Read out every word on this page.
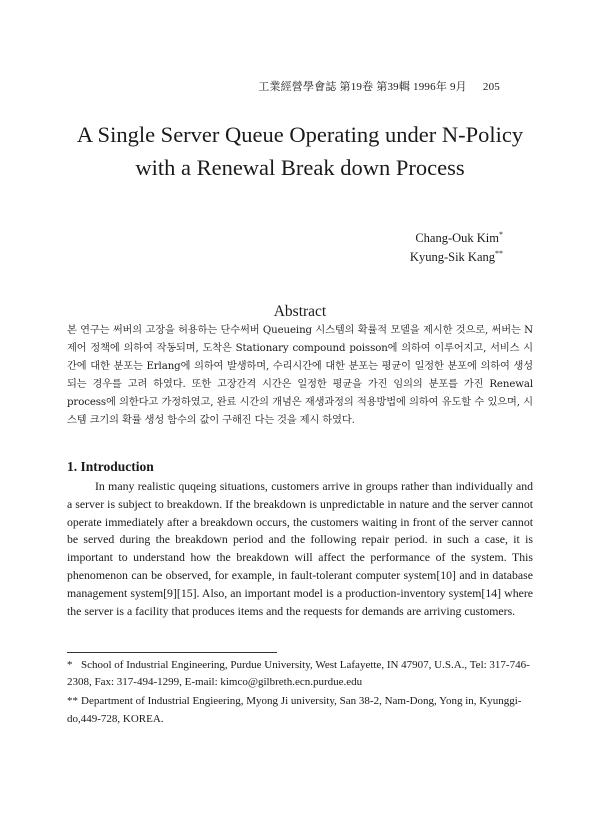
工業經營學會誌 第19卷 第39輯 1996年 9月 205
A Single Server Queue Operating under N-Policy
with a Renewal Break down Process
Chang-Ouk Kim*
Kyung-Sik Kang**
Abstract
본 연구는 써버의 고장을 허용하는 단수써버 Queueing 시스템의 확률적 모델을 제시한 것으로, 써버는 N 제어 정책에 의하여 작동되며, 도착은 Stationary compound poisson에 의하여 이루어지고, 서비스 시간에 대한 분포는 Erlang에 의하여 발생하며, 수리시간에 대한 분포는 평균이 일정한 분포에 의하여 생성되는 경우를 고려 하였다. 또한 고장간격 시간은 일정한 평균을 가진 임의의 분포를 가진 Renewal process에 의한다고 가정하였고, 완료 시간의 개념은 재생과정의 적용방법에 의하여 유도할 수 있으며, 시스템 크기의 확률 생성 함수의 값이 구해진 다는 것을 제시 하였다.
1. Introduction
In many realistic quqeing situations, customers arrive in groups rather than individually and a server is subject to breakdown. If the breakdown is unpredictable in nature and the server cannot operate immediately after a breakdown occurs, the customers waiting in front of the server cannot be served during the breakdown period and the following repair period. in such a case, it is important to understand how the breakdown will affect the performance of the system. This phenomenon can be observed, for example, in fault-tolerant computer system[10] and in database management system[9][15]. Also, an important model is a production-inventory system[14] where the server is a facility that produces items and the requests for demands are arriving customers.
* School of Industrial Engineering, Purdue University, West Lafayette, IN 47907, U.S.A., Tel: 317-746-2308, Fax: 317-494-1299, E-mail: kimco@gilbreth.ecn.purdue.edu
** Department of Industrial Engieering, Myong Ji university, San 38-2, Nam-Dong, Yong in, Kyunggi-do,449-728, KOREA.
